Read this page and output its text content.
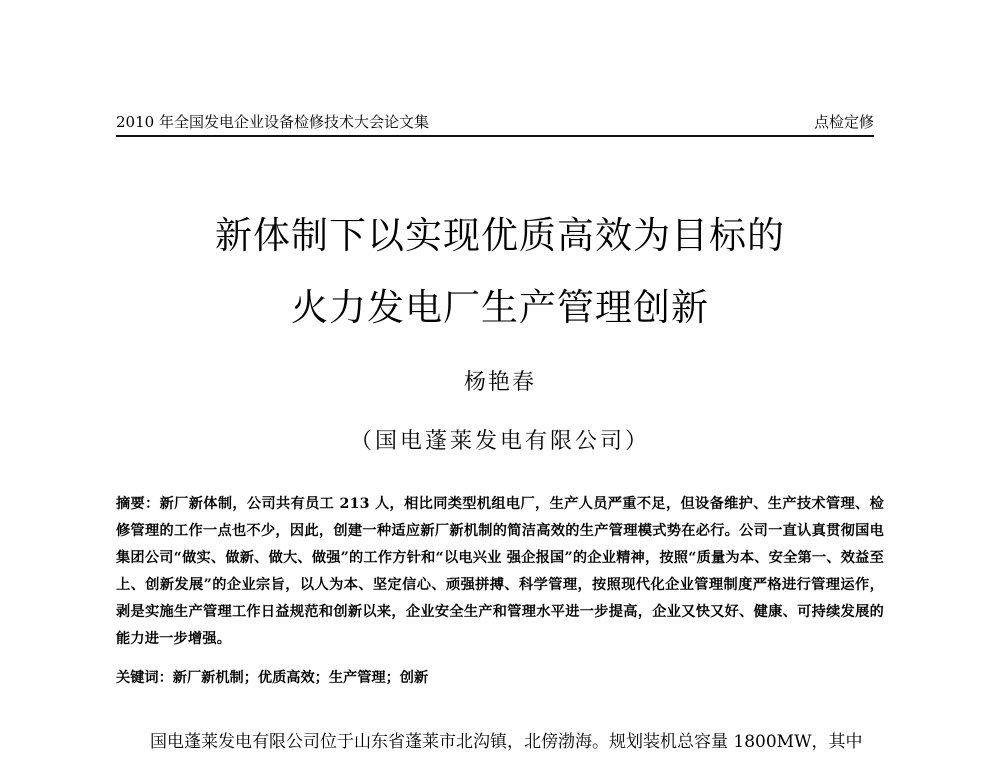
2010 年全国发电企业设备检修技术大会论文集	点检定修
新体制下以实现优质高效为目标的
火力发电厂生产管理创新
杨艳春
（国电蓬莱发电有限公司）
摘要：新厂新体制，公司共有员工 213 人，相比同类型机组电厂，生产人员严重不足，但设备维护、生产技术管理、检修管理的工作一点也不少，因此，创建一种适应新厂新机制的简洁高效的生产管理模式势在必行。公司一直认真贯彻国电集团公司“做实、做新、做大、做强”的工作方针和“以电兴业 强企报国”的企业精神，按照“质量为本、安全第一、效益至上、创新发展”的企业宗旨，以人为本、坚定信心、顽强拼搏、科学管理，按照现代化企业管理制度严格进行管理运作，剥是实施生产管理工作日益规范和创新以来，企业安全生产和管理水平进一步提高，企业又快又好、健康、可持续发展的能力进一步增强。
关键词：新厂新机制；优质高效；生产管理；创新
国电蓬莱发电有限公司位于山东省蓬莱市北沟镇，北傍渤海。规划装机总容量 1800MW，其中
